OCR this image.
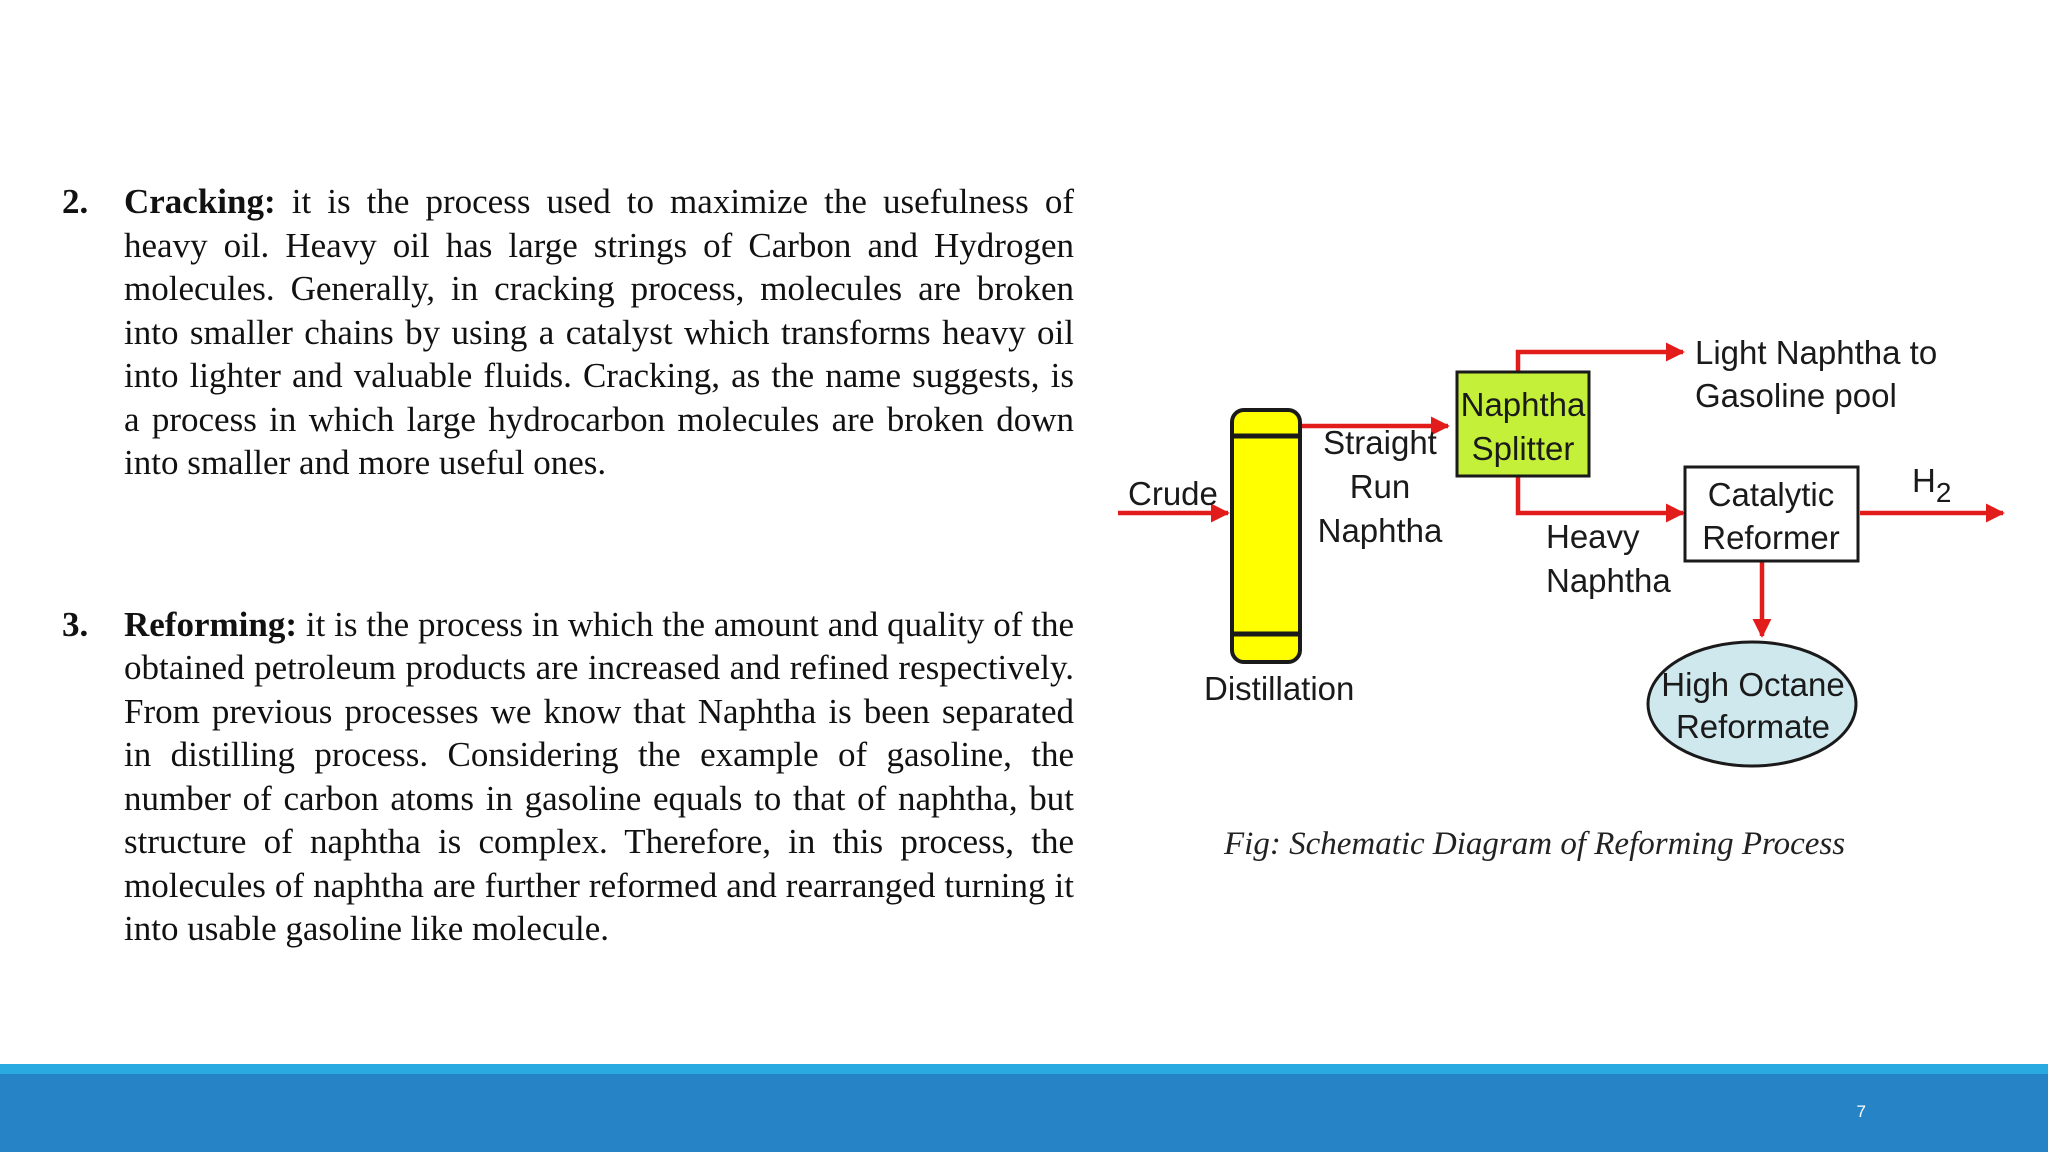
2. Cracking: it is the process used to maximize the usefulness of heavy oil. Heavy oil has large strings of Carbon and Hydrogen molecules. Generally, in cracking process, molecules are broken into smaller chains by using a catalyst which transforms heavy oil into lighter and valuable fluids. Cracking, as the name suggests, is a process in which large hydrocarbon molecules are broken down into smaller and more useful ones.
3. Reforming: it is the process in which the amount and quality of the obtained petroleum products are increased and refined respectively. From previous processes we know that Naphtha is been separated in distilling process. Considering the example of gasoline, the number of carbon atoms in gasoline equals to that of naphtha, but structure of naphtha is complex. Therefore, in this process, the molecules of naphtha are further reformed and rearranged turning it into usable gasoline like molecule.
Crude
Distillation
Straight
Run
Naphtha
Naphtha
Splitter
Light Naphtha to
Gasoline pool
Heavy
Naphtha
Catalytic
Reformer
$H_2$
High Octane
Reformate
Fig: Schematic Diagram of Reforming Process
7
